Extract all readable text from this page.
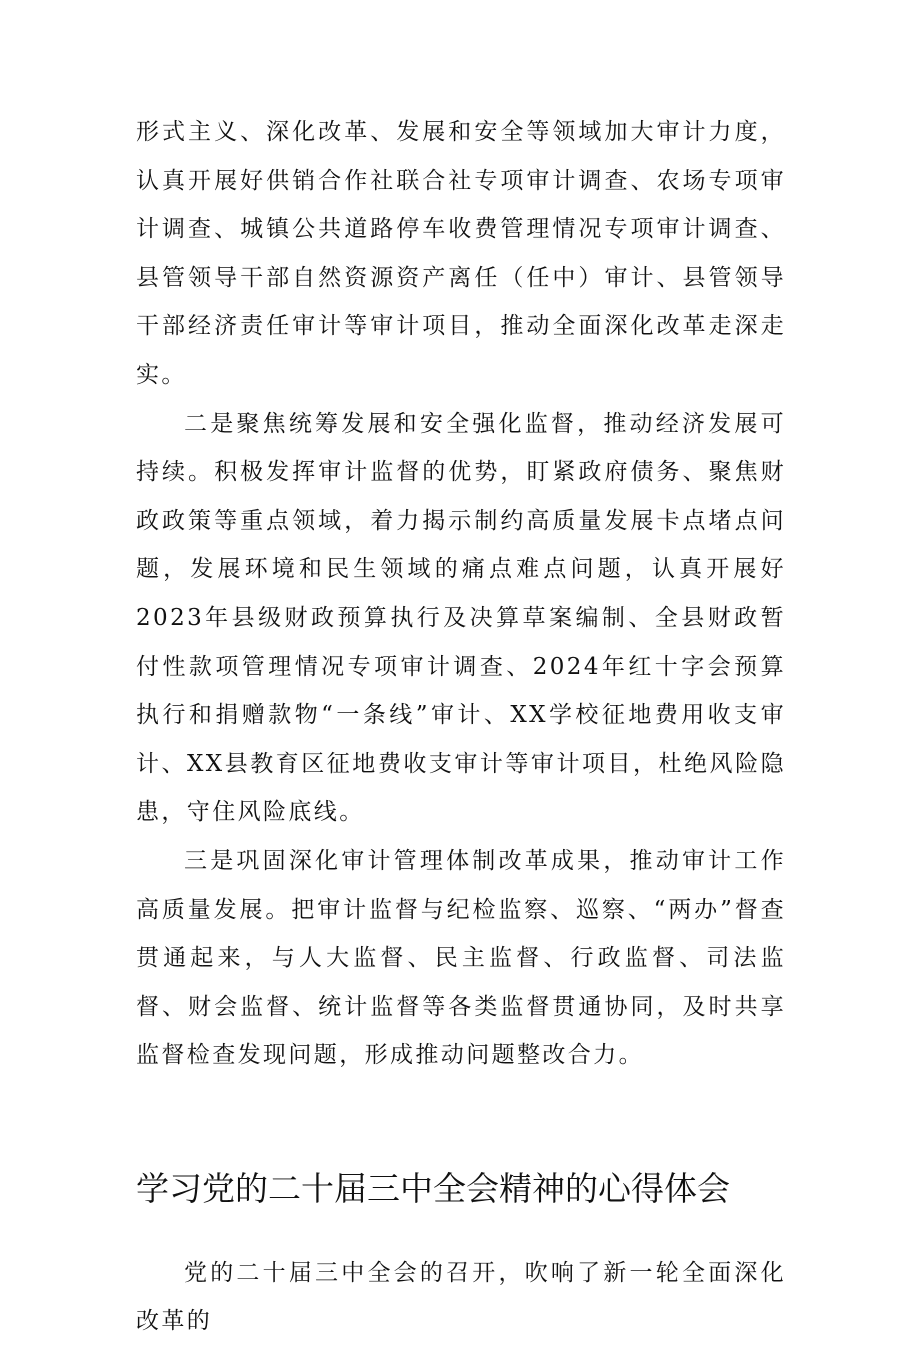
形式主义、深化改革、发展和安全等领域加大审计力度，认真开展好供销合作社联合社专项审计调查、农场专项审计调查、城镇公共道路停车收费管理情况专项审计调查、县管领导干部自然资源资产离任（任中）审计、县管领导干部经济责任审计等审计项目，推动全面深化改革走深走实。

二是聚焦统筹发展和安全强化监督，推动经济发展可持续。积极发挥审计监督的优势，盯紧政府债务、聚焦财政政策等重点领域，着力揭示制约高质量发展卡点堵点问题，发展环境和民生领域的痛点难点问题，认真开展好2023年县级财政预算执行及决算草案编制、全县财政暂付性款项管理情况专项审计调查、2024年红十字会预算执行和捐赠款物“一条线”审计、XX学校征地费用收支审计、XX县教育区征地费收支审计等审计项目，杜绝风险隐患，守住风险底线。

三是巩固深化审计管理体制改革成果，推动审计工作高质量发展。把审计监督与纪检监察、巡察、“两办”督查贯通起来，与人大监督、民主监督、行政监督、司法监督、财会监督、统计监督等各类监督贯通协同，及时共享监督检查发现问题，形成推动问题整改合力。

学习党的二十届三中全会精神的心得体会

党的二十届三中全会的召开，吹响了新一轮全面深化改革的
